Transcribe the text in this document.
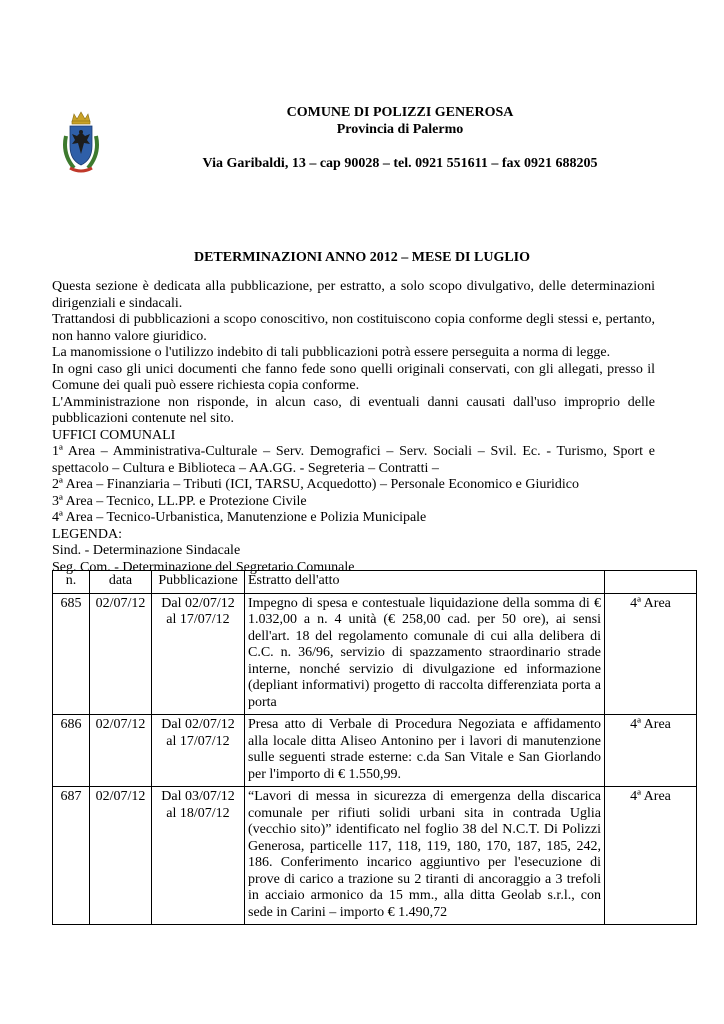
COMUNE DI POLIZZI GENEROSA
Provincia di Palermo
Via Garibaldi, 13 – cap 90028 – tel. 0921 551611 – fax 0921 688205
DETERMINAZIONI ANNO 2012 – MESE DI LUGLIO

Questa sezione è dedicata alla pubblicazione, per estratto, a solo scopo divulgativo, delle determinazioni dirigenziali e sindacali.

Trattandosi di pubblicazioni a scopo conoscitivo, non costituiscono copia conforme degli stessi e, pertanto, non hanno valore giuridico.

La manomissione o l'utilizzo indebito di tali pubblicazioni potrà essere perseguita a norma di legge.

In ogni caso gli unici documenti che fanno fede sono quelli originali conservati, con gli allegati, presso il Comune dei quali può essere richiesta copia conforme.

L'Amministrazione non risponde, in alcun caso, di eventuali danni causati dall'uso improprio delle pubblicazioni contenute nel sito.

UFFICI COMUNALI

1ª Area – Amministrativa-Culturale – Serv. Demografici – Serv. Sociali – Svil. Ec. - Turismo, Sport e spettacolo – Cultura e Biblioteca – AA.GG. - Segreteria – Contratti –

2ª Area – Finanziaria – Tributi (ICI, TARSU, Acquedotto) – Personale Economico e Giuridico

3ª Area – Tecnico, LL.PP. e Protezione Civile

4ª Area – Tecnico-Urbanistica, Manutenzione e Polizia Municipale

LEGENDA:

Sind. - Determinazione Sindacale

Seg. Com. - Determinazione del Segretario Comunale

n.	data	Pubblicazione	Estratto dell'atto	
685	02/07/12	Dal 02/07/12
al 17/07/12	Impegno di spesa e contestuale liquidazione della somma di € 1.032,00 a n. 4 unità (€ 258,00 cad. per 50 ore), ai sensi dell'art. 18 del regolamento comunale di cui alla delibera di C.C. n. 36/96, servizio di spazzamento straordinario strade interne, nonché servizio di divulgazione ed informazione (depliant informativi) progetto di raccolta differenziata porta a porta	4ª Area
686	02/07/12	Dal 02/07/12
al 17/07/12	Presa atto di Verbale di Procedura Negoziata e affidamento alla locale ditta Aliseo Antonino per i lavori di manutenzione sulle seguenti strade esterne: c.da San Vitale e San Giorlando per l'importo di € 1.550,99.	4ª Area
687	02/07/12	Dal 03/07/12
al 18/07/12	“Lavori di messa in sicurezza di emergenza della discarica comunale per rifiuti solidi urbani sita in contrada Uglia (vecchio sito)” identificato nel foglio 38 del N.C.T. Di Polizzi Generosa, particelle 117, 118, 119, 180, 170, 187, 185, 242, 186. Conferimento incarico aggiuntivo per l'esecuzione di prove di carico a trazione su 2 tiranti di ancoraggio a 3 trefoli in acciaio armonico da 15 mm., alla ditta Geolab s.r.l., con sede in Carini – importo € 1.490,72	4ª Area
